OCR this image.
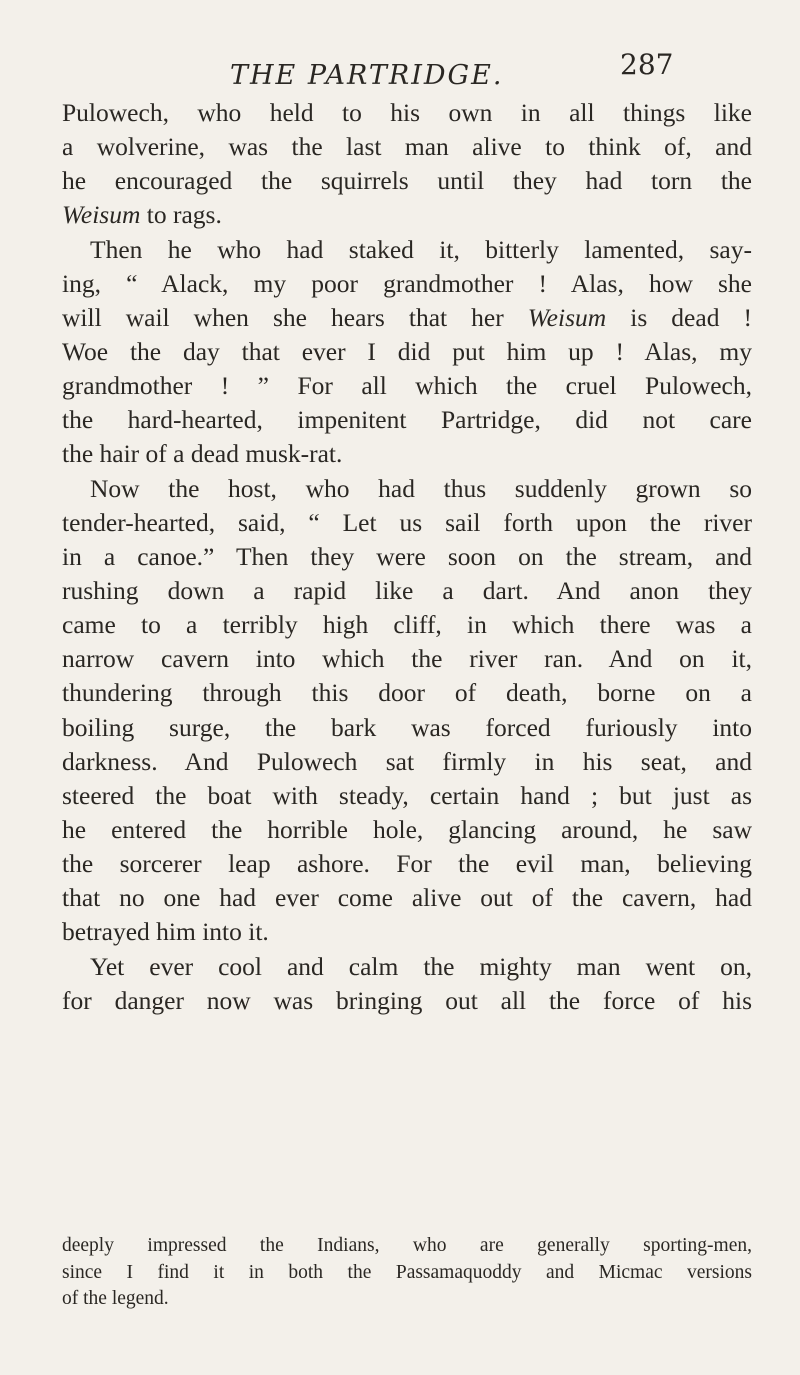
THE PARTRIDGE.	287
Pulowech, who held to his own in all things like
a wolverine, was the last man alive to think of, and
he encouraged the squirrels until they had torn the
Weisum to rags.
Then he who had staked it, bitterly lamented, say-
ing, “ Alack, my poor grandmother ! Alas, how she
will wail when she hears that her Weisum is dead !
Woe the day that ever I did put him up ! Alas, my
grandmother ! ” For all which the cruel Pulowech,
the hard-hearted, impenitent Partridge, did not care
the hair of a dead musk-rat.
Now the host, who had thus suddenly grown so
tender-hearted, said, “ Let us sail forth upon the river
in a canoe.” Then they were soon on the stream, and
rushing down a rapid like a dart. And anon they
came to a terribly high cliff, in which there was a
narrow cavern into which the river ran. And on it,
thundering through this door of death, borne on a
boiling surge, the bark was forced furiously into
darkness. And Pulowech sat firmly in his seat, and
steered the boat with steady, certain hand ; but just as
he entered the horrible hole, glancing around, he saw
the sorcerer leap ashore. For the evil man, believing
that no one had ever come alive out of the cavern, had
betrayed him into it.
Yet ever cool and calm the mighty man went on,
for danger now was bringing out all the force of his
deeply impressed the Indians, who are generally sporting-men,
since I find it in both the Passamaquoddy and Micmac versions
of the legend.
